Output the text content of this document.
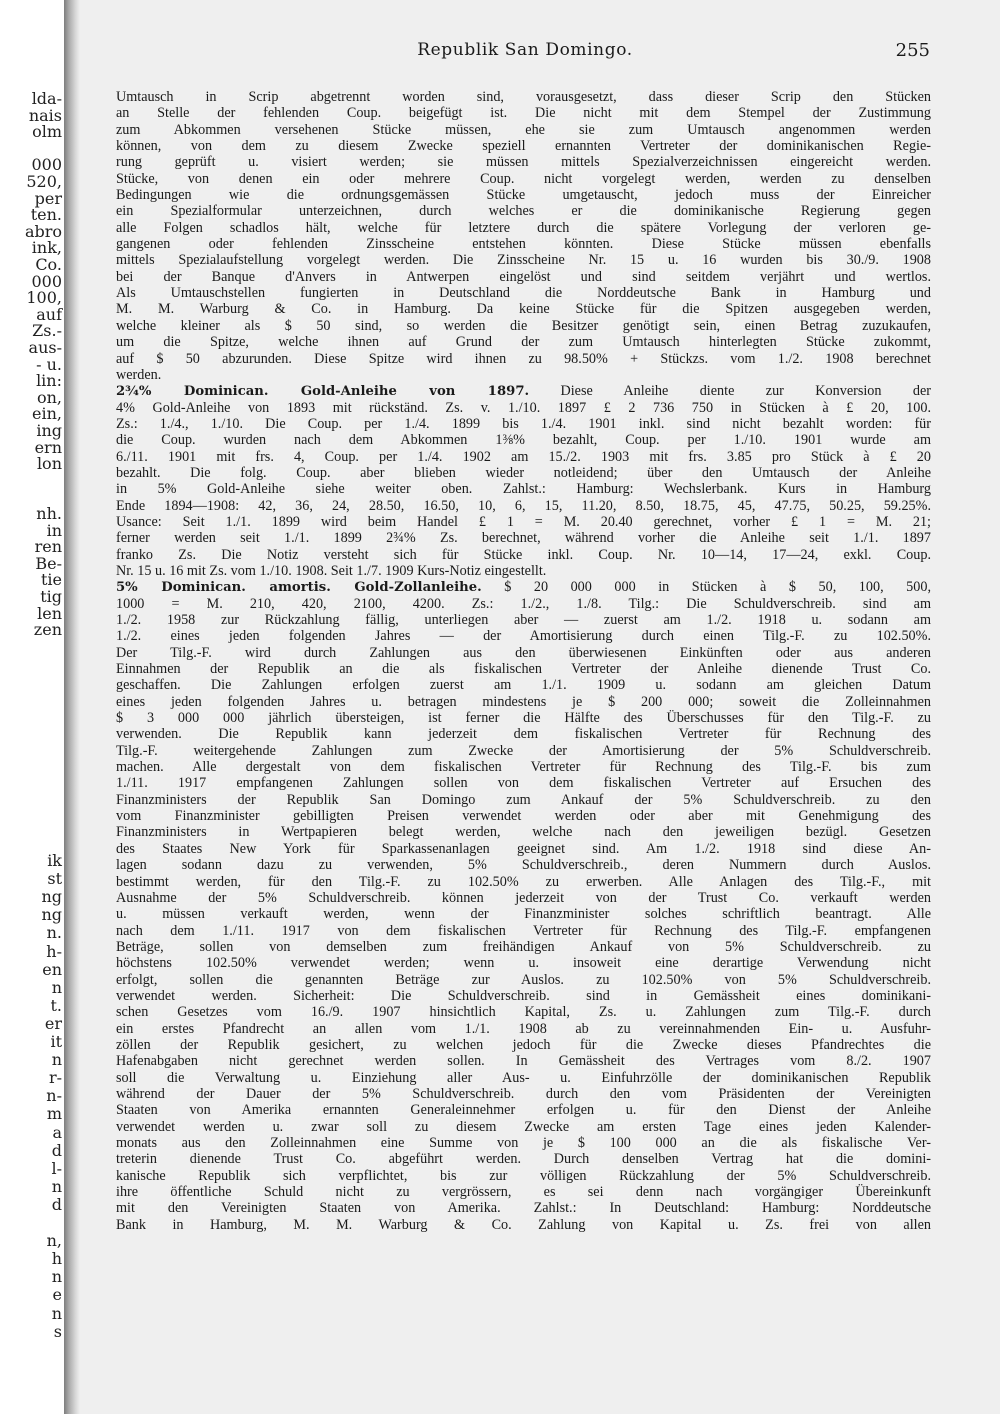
lda-
nais
olm
000
520,
per
ten.
abro
ink,
Co.
000
100,
auf
Zs.-
aus-
- u.
lin:
on,
ein,
ing
ern
lon
nh.
in
ren
Be-
tie
tig
len
zen
ik
st
ng
ng
n.
h-
en
n
t.
er
it
n
r-
n-
m
a
d
l-
n
d
n,
h
n
e
n
s
Republik San Domingo.	255
Umtausch in Scrip abgetrennt worden sind, vorausgesetzt, dass dieser Scrip den Stücken
an Stelle der fehlenden Coup. beigefügt ist. Die nicht mit dem Stempel der Zustimmung
zum Abkommen versehenen Stücke müssen, ehe sie zum Umtausch angenommen werden
können, von dem zu diesem Zwecke speziell ernannten Vertreter der dominikanischen Regie-
rung geprüft u. visiert werden; sie müssen mittels Spezialverzeichnissen eingereicht werden.
Stücke, von denen ein oder mehrere Coup. nicht vorgelegt werden, werden zu denselben
Bedingungen wie die ordnungsgemässen Stücke umgetauscht, jedoch muss der Einreicher
ein Spezialformular unterzeichnen, durch welches er die dominikanische Regierung gegen
alle Folgen schadlos hält, welche für letztere durch die spätere Vorlegung der verloren ge-
gangenen oder fehlenden Zinsscheine entstehen könnten. Diese Stücke müssen ebenfalls
mittels Spezialaufstellung vorgelegt werden. Die Zinsscheine Nr. 15 u. 16 wurden bis 30./9. 1908
bei der Banque d'Anvers in Antwerpen eingelöst und sind seitdem verjährt und wertlos.
Als Umtauschstellen fungierten in Deutschland die Norddeutsche Bank in Hamburg und
M. M. Warburg & Co. in Hamburg. Da keine Stücke für die Spitzen ausgegeben werden,
welche kleiner als $ 50 sind, so werden die Besitzer genötigt sein, einen Betrag zuzukaufen,
um die Spitze, welche ihnen auf Grund der zum Umtausch hinterlegten Stücke zukommt,
auf $ 50 abzurunden. Diese Spitze wird ihnen zu 98.50% + Stückzs. vom 1./2. 1908 berechnet
werden.
2¾% Dominican. Gold-Anleihe von 1897. Diese Anleihe diente zur Konversion der
4% Gold-Anleihe von 1893 mit rückständ. Zs. v. 1./10. 1897 £ 2 736 750 in Stücken à £ 20, 100.
Zs.: 1./4., 1./10. Die Coup. per 1./4. 1899 bis 1./4. 1901 inkl. sind nicht bezahlt worden: für
die Coup. wurden nach dem Abkommen 1⅜% bezahlt, Coup. per 1./10. 1901 wurde am
6./11. 1901 mit frs. 4, Coup. per 1./4. 1902 am 15./2. 1903 mit frs. 3.85 pro Stück à £ 20
bezahlt. Die folg. Coup. aber blieben wieder notleidend; über den Umtausch der Anleihe
in 5% Gold-Anleihe siehe weiter oben. Zahlst.: Hamburg: Wechslerbank. Kurs in Hamburg
Ende 1894—1908: 42, 36, 24, 28.50, 16.50, 10, 6, 15, 11.20, 8.50, 18.75, 45, 47.75, 50.25, 59.25%.
Usance: Seit 1./1. 1899 wird beim Handel £ 1 = M. 20.40 gerechnet, vorher £ 1 = M. 21;
ferner werden seit 1./1. 1899 2¾% Zs. berechnet, während vorher die Anleihe seit 1./1. 1897
franko Zs. Die Notiz versteht sich für Stücke inkl. Coup. Nr. 10—14, 17—24, exkl. Coup.
Nr. 15 u. 16 mit Zs. vom 1./10. 1908. Seit 1./7. 1909 Kurs-Notiz eingestellt.
5% Dominican. amortis. Gold-Zollanleihe. $ 20 000 000 in Stücken à $ 50, 100, 500,
1000 = M. 210, 420, 2100, 4200. Zs.: 1./2., 1./8. Tilg.: Die Schuldverschreib. sind am
1./2. 1958 zur Rückzahlung fällig, unterliegen aber — zuerst am 1./2. 1918 u. sodann am
1./2. eines jeden folgenden Jahres — der Amortisierung durch einen Tilg.-F. zu 102.50%.
Der Tilg.-F. wird durch Zahlungen aus den überwiesenen Einkünften oder aus anderen
Einnahmen der Republik an die als fiskalischen Vertreter der Anleihe dienende Trust Co.
geschaffen. Die Zahlungen erfolgen zuerst am 1./1. 1909 u. sodann am gleichen Datum
eines jeden folgenden Jahres u. betragen mindestens je $ 200 000; soweit die Zolleinnahmen
$ 3 000 000 jährlich übersteigen, ist ferner die Hälfte des Überschusses für den Tilg.-F. zu
verwenden. Die Republik kann jederzeit dem fiskalischen Vertreter für Rechnung des
Tilg.-F. weitergehende Zahlungen zum Zwecke der Amortisierung der 5% Schuldverschreib.
machen. Alle dergestalt von dem fiskalischen Vertreter für Rechnung des Tilg.-F. bis zum
1./11. 1917 empfangenen Zahlungen sollen von dem fiskalischen Vertreter auf Ersuchen des
Finanzministers der Republik San Domingo zum Ankauf der 5% Schuldverschreib. zu den
vom Finanzminister gebilligten Preisen verwendet werden oder aber mit Genehmigung des
Finanzministers in Wertpapieren belegt werden, welche nach den jeweiligen bezügl. Gesetzen
des Staates New York für Sparkassenanlagen geeignet sind. Am 1./2. 1918 sind diese An-
lagen sodann dazu zu verwenden, 5% Schuldverschreib., deren Nummern durch Auslos.
bestimmt werden, für den Tilg.-F. zu 102.50% zu erwerben. Alle Anlagen des Tilg.-F., mit
Ausnahme der 5% Schuldverschreib. können jederzeit von der Trust Co. verkauft werden
u. müssen verkauft werden, wenn der Finanzminister solches schriftlich beantragt. Alle
nach dem 1./11. 1917 von dem fiskalischen Vertreter für Rechnung des Tilg.-F. empfangenen
Beträge, sollen von demselben zum freihändigen Ankauf von 5% Schuldverschreib. zu
höchstens 102.50% verwendet werden; wenn u. insoweit eine derartige Verwendung nicht
erfolgt, sollen die genannten Beträge zur Auslos. zu 102.50% von 5% Schuldverschreib.
verwendet werden. Sicherheit: Die Schuldverschreib. sind in Gemässheit eines dominikani-
schen Gesetzes vom 16./9. 1907 hinsichtlich Kapital, Zs. u. Zahlungen zum Tilg.-F. durch
ein erstes Pfandrecht an allen vom 1./1. 1908 ab zu vereinnahmenden Ein- u. Ausfuhr-
zöllen der Republik gesichert, zu welchen jedoch für die Zwecke dieses Pfandrechtes die
Hafenabgaben nicht gerechnet werden sollen. In Gemässheit des Vertrages vom 8./2. 1907
soll die Verwaltung u. Einziehung aller Aus- u. Einfuhrzölle der dominikanischen Republik
während der Dauer der 5% Schuldverschreib. durch den vom Präsidenten der Vereinigten
Staaten von Amerika ernannten Generaleinnehmer erfolgen u. für den Dienst der Anleihe
verwendet werden u. zwar soll zu diesem Zwecke am ersten Tage eines jeden Kalender-
monats aus den Zolleinnahmen eine Summe von je $ 100 000 an die als fiskalische Ver-
treterin dienende Trust Co. abgeführt werden. Durch denselben Vertrag hat die domini-
kanische Republik sich verpflichtet, bis zur völligen Rückzahlung der 5% Schuldverschreib.
ihre öffentliche Schuld nicht zu vergrössern, es sei denn nach vorgängiger Übereinkunft
mit den Vereinigten Staaten von Amerika. Zahlst.: In Deutschland: Hamburg: Norddeutsche
Bank in Hamburg, M. M. Warburg & Co. Zahlung von Kapital u. Zs. frei von allen
